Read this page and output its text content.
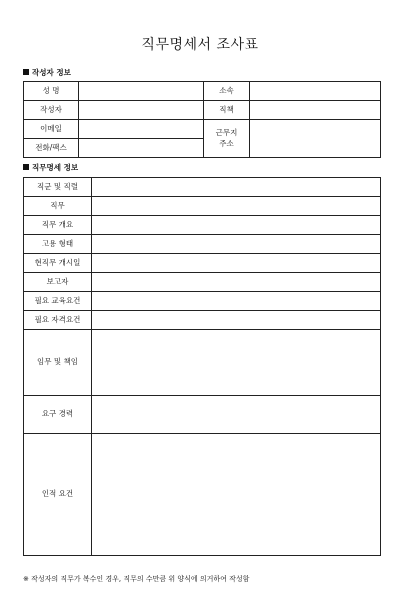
직무명세서 조사표
작성자 정보
성 명		소속	
작성자		직책	
이메일		근무지 주소	
전화/팩스			
직무명세 정보
직군 및 직렬	
직무	
직무 개요	
고용 형태	
현직무 개시일	
보고자	
필요 교육요건	
필요 자격요건	
임무 및 책임	
요구 경력	
인적 요건	
※ 작성자의 직무가 복수인 경우, 직무의 수만큼 위 양식에 의거하여 작성함
